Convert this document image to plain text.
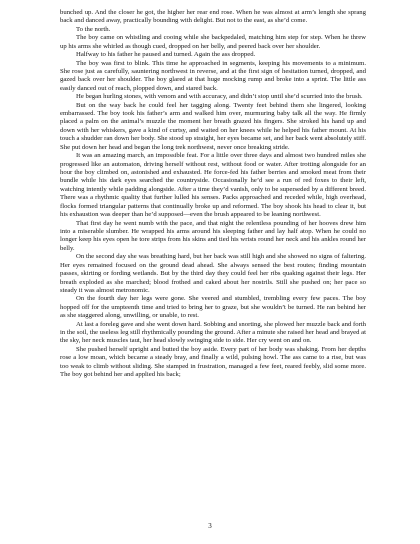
bunched up. And the closer he got, the higher her rear end rose. When he was almost at arm’s length she sprang back and danced away, practically bounding with delight. But not to the east, as she’d come.

To the north.

The boy came on whistling and cooing while she backpedaled, matching him step for step. When he threw up his arms she whirled as though cued, dropped on her belly, and peered back over her shoulder.

Halfway to his father he paused and turned. Again the ass dropped.

The boy was first to blink. This time he approached in segments, keeping his movements to a minimum. She rose just as carefully, sauntering northwest in reverse, and at the first sign of hesitation turned, dropped, and gazed back over her shoulder. The boy glared at that huge mocking rump and broke into a sprint. The little ass easily danced out of reach, plopped down, and stared back.

He began hurling stones, with venom and with accuracy, and didn’t stop until she’d scurried into the brush.

But on the way back he could feel her tagging along. Twenty feet behind them she lingered, looking embarrassed. The boy took his father’s arm and walked him over, murmuring baby talk all the way. He firmly placed a palm on the animal’s muzzle the moment her breath grazed his fingers. She stroked his hand up and down with her whiskers, gave a kind of curtsy, and waited on her knees while he helped his father mount. At his touch a shudder ran down her body. She stood up straight, her eyes became set, and her back went absolutely stiff. She put down her head and began the long trek northwest, never once breaking stride.

It was an amazing march, an impossible feat. For a little over three days and almost two hundred miles she progressed like an automaton, driving herself without rest, without food or water. After trotting alongside for an hour the boy climbed on, astonished and exhausted. He force-fed his father berries and smoked meat from their bundle while his dark eyes searched the countryside. Occasionally he’d see a run of red foxes to their left, watching intently while padding alongside. After a time they’d vanish, only to be superseded by a different breed. There was a rhythmic quality that further lulled his senses. Packs approached and receded while, high overhead, flocks formed triangular patterns that continually broke up and reformed. The boy shook his head to clear it, but his exhaustion was deeper than he’d supposed—even the brush appeared to be leaning northwest.

That first day he went numb with the pace, and that night the relentless pounding of her hooves drew him into a miserable slumber. He wrapped his arms around his sleeping father and lay half atop. When he could no longer keep his eyes open he tore strips from his skins and tied his wrists round her neck and his ankles round her belly.

On the second day she was breathing hard, but her back was still high and she showed no signs of faltering. Her eyes remained focused on the ground dead ahead. She always sensed the best routes; finding mountain passes, skirting or fording wetlands. But by the third day they could feel her ribs quaking against their legs. Her breath exploded as she marched; blood frothed and caked about her nostrils. Still she pushed on; her pace so steady it was almost metronomic.

On the fourth day her legs were gone. She veered and stumbled, trembling every few paces. The boy hopped off for the umpteenth time and tried to bring her to graze, but she wouldn’t be turned. He ran behind her as she staggered along, unwilling, or unable, to rest.

At last a foreleg gave and she went down hard. Sobbing and snorting, she plowed her muzzle back and forth in the soil, the useless leg still rhythmically pounding the ground. After a minute she raised her head and brayed at the sky, her neck muscles taut, her head slowly swinging side to side. Her cry went on and on.

She pushed herself upright and butted the boy aside. Every part of her body was shaking. From her depths rose a low moan, which became a steady bray, and finally a wild, pulsing howl. The ass came to a rise, but was too weak to climb without sliding. She stamped in frustration, managed a few feet, reared feebly, slid some more. The boy got behind her and applied his back;

3
